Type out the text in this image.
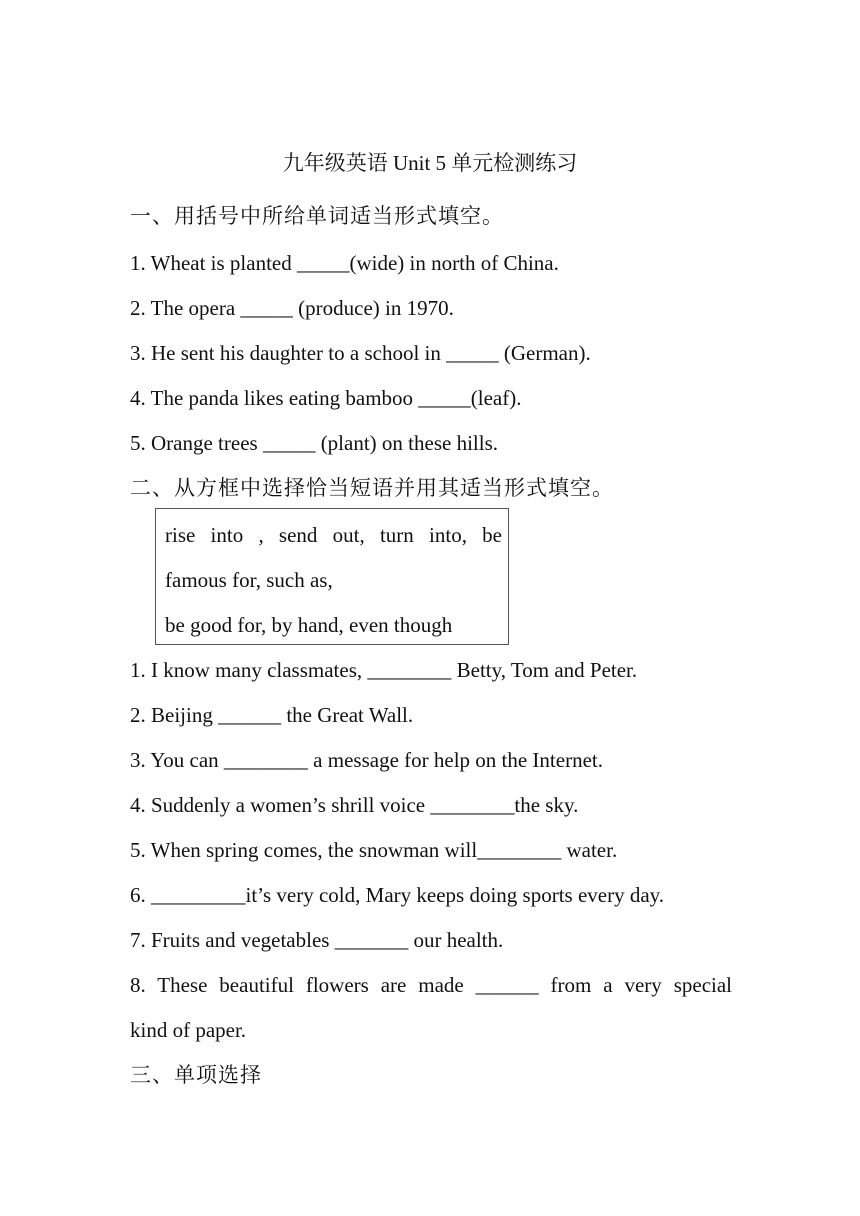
九年级英语 Unit 5 单元检测练习
一、用括号中所给单词适当形式填空。
1. Wheat is planted _____(wide) in north of China.
2. The opera _____ (produce) in 1970.
3. He sent his daughter to a school in _____ (German).
4. The panda likes eating bamboo _____(leaf).
5. Orange trees _____ (plant) on these hills.
二、从方框中选择恰当短语并用其适当形式填空。
rise into , send out, turn into, be
famous for, such as,
be good for, by hand, even though
1. I know many classmates, ________ Betty, Tom and Peter.
2. Beijing ______ the Great Wall.
3. You can ________ a message for help on the Internet.
4. Suddenly a women’s shrill voice ________the sky.
5. When spring comes, the snowman will________ water.
6. _________it’s very cold, Mary keeps doing sports every day.
7. Fruits and vegetables _______ our health.
8. These beautiful flowers are made ______ from a very special
kind of paper.
三、单项选择
